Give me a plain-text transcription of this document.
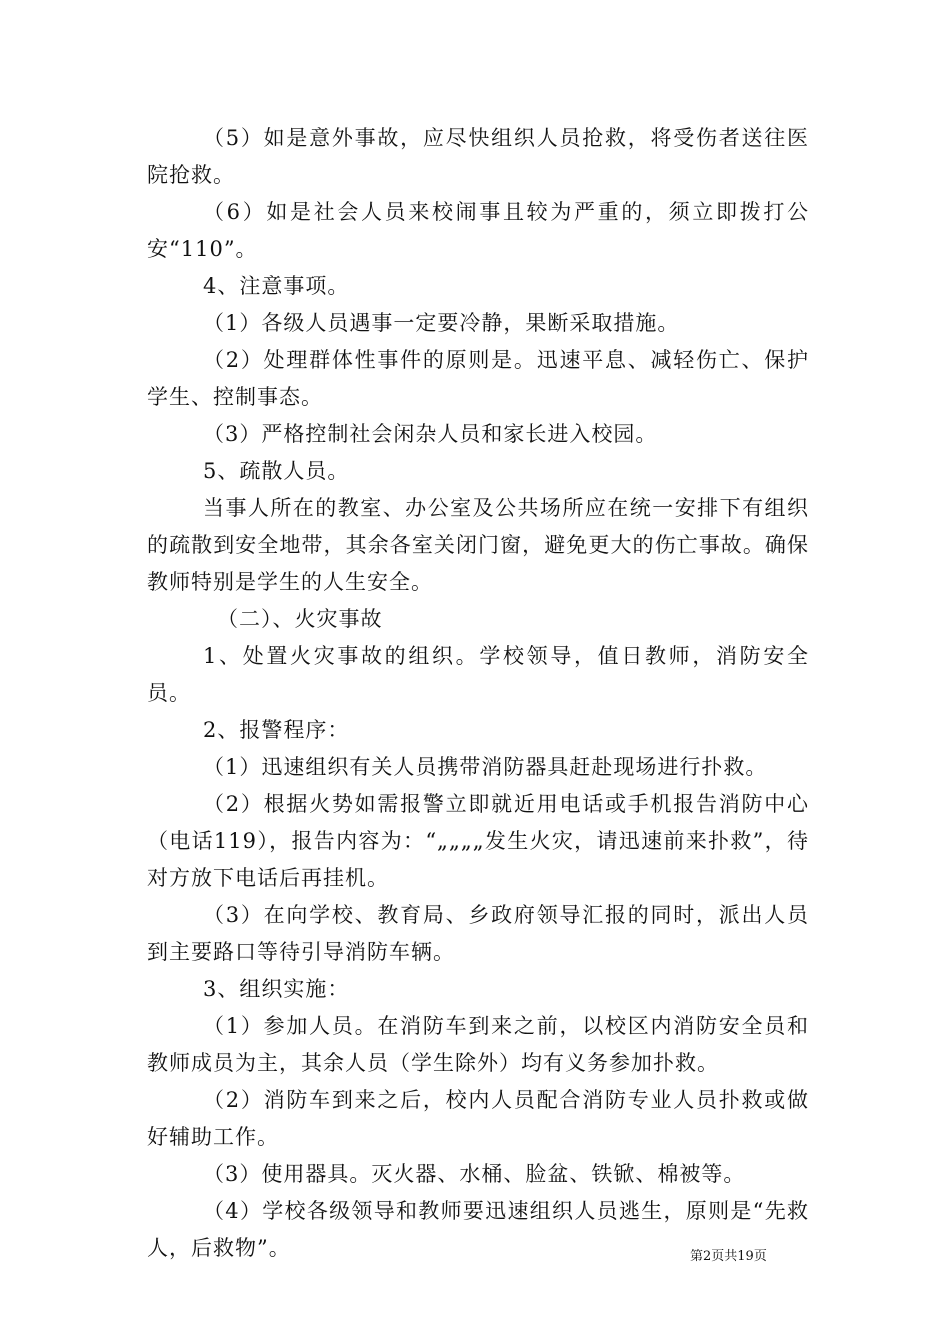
（5）如是意外事故，应尽快组织人员抢救，将受伤者送往医院抢救。

（6）如是社会人员来校闹事且较为严重的，须立即拨打公安“110”。

4、注意事项。

（1）各级人员遇事一定要冷静，果断采取措施。

（2）处理群体性事件的原则是。迅速平息、减轻伤亡、保护学生、控制事态。

（3）严格控制社会闲杂人员和家长进入校园。

5、疏散人员。

当事人所在的教室、办公室及公共场所应在统一安排下有组织的疏散到安全地带，其余各室关闭门窗，避免更大的伤亡事故。确保教师特别是学生的人生安全。

（二）、火灾事故

1、处置火灾事故的组织。学校领导，值日教师，消防安全员。

2、报警程序：

（1）迅速组织有关人员携带消防器具赶赴现场进行扑救。

（2）根据火势如需报警立即就近用电话或手机报告消防中心（电话119），报告内容为：“„„„„发生火灾，请迅速前来扑救”，待对方放下电话后再挂机。

（3）在向学校、教育局、乡政府领导汇报的同时，派出人员到主要路口等待引导消防车辆。

3、组织实施：

（1）参加人员。在消防车到来之前，以校区内消防安全员和教师成员为主，其余人员（学生除外）均有义务参加扑救。

（2）消防车到来之后，校内人员配合消防专业人员扑救或做好辅助工作。

（3）使用器具。灭火器、水桶、脸盆、铁锨、棉被等。

（4）学校各级领导和教师要迅速组织人员逃生，原则是“先救人，后救物”。	第2页共19页
